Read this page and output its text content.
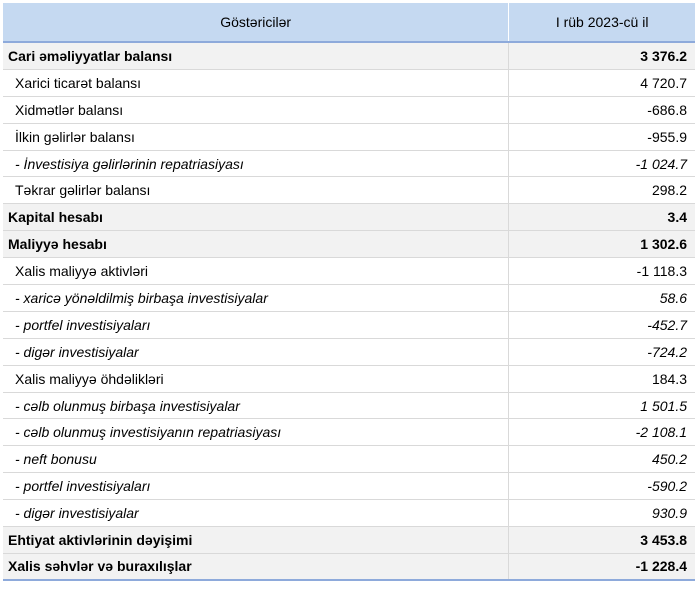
Göstəricilər	I rüb 2023-cü il
Cari əməliyyatlar balansı	3 376.2
Xarici ticarət balansı	4 720.7
Xidmətlər balansı	-686.8
İlkin gəlirlər balansı	-955.9
- İnvestisiya gəlirlərinin repatriasiyası	-1 024.7
Təkrar gəlirlər balansı	298.2
Kapital hesabı	3.4
Maliyyə hesabı	1 302.6
Xalis maliyyə aktivləri	-1 118.3
- xaricə yönəldilmiş birbaşa investisiyalar	58.6
- portfel investisiyaları	-452.7
- digər investisiyalar	-724.2
Xalis maliyyə öhdəlikləri	184.3
- cəlb olunmuş birbaşa investisiyalar	1 501.5
- cəlb olunmuş investisiyanın repatriasiyası	-2 108.1
- neft bonusu	450.2
- portfel investisiyaları	-590.2
- digər investisiyalar	930.9
Ehtiyat aktivlərinin dəyişimi	3 453.8
Xalis səhvlər və buraxılışlar	-1 228.4
